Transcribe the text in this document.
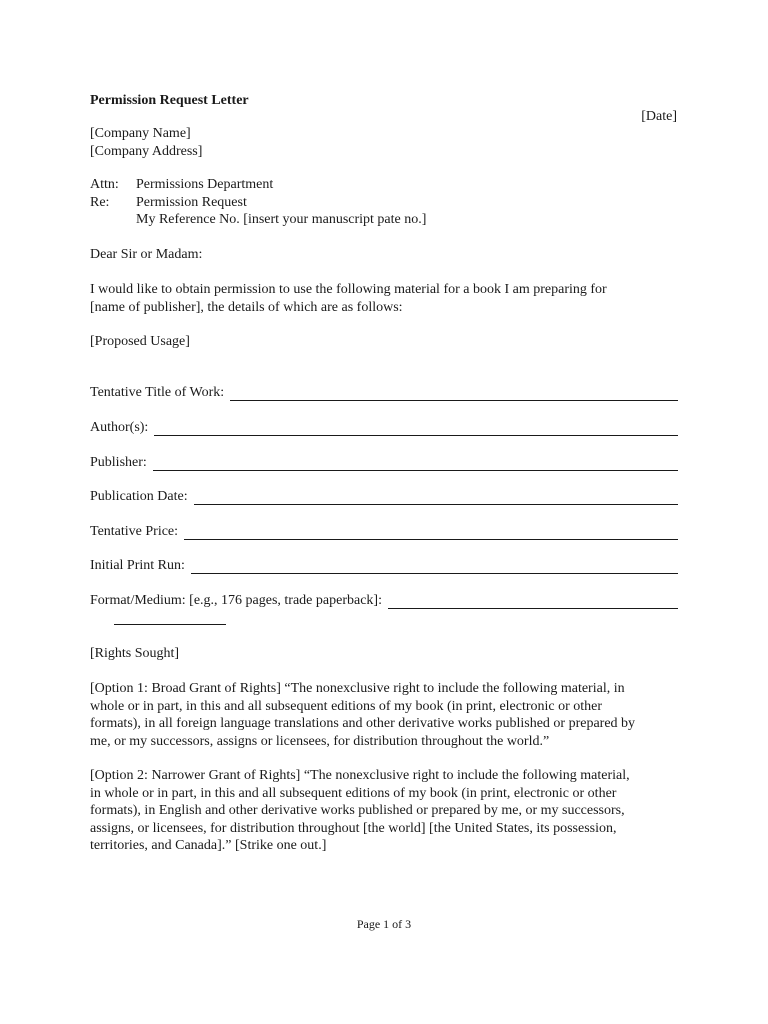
Permission Request Letter
[Date]
[Company Name]
[Company Address]
Attn:	Permissions Department
Re:	Permission Request
My Reference No. [insert your manuscript pate no.]
Dear Sir or Madam:
I would like to obtain permission to use the following material for a book I am preparing for
[name of publisher], the details of which are as follows:
[Proposed Usage]
Tentative Title of Work:
Author(s):
Publisher:
Publication Date:
Tentative Price:
Initial Print Run:
Format/Medium: [e.g., 176 pages, trade paperback]:
[Rights Sought]
[Option 1: Broad Grant of Rights] “The nonexclusive right to include the following material, in
whole or in part, in this and all subsequent editions of my book (in print, electronic or other
formats), in all foreign language translations and other derivative works published or prepared by
me, or my successors, assigns or licensees, for distribution throughout the world.”
[Option 2: Narrower Grant of Rights] “The nonexclusive right to include the following material,
in whole or in part, in this and all subsequent editions of my book (in print, electronic or other
formats), in English and other derivative works published or prepared by me, or my successors,
assigns, or licensees, for distribution throughout [the world] [the United States, its possession,
territories, and Canada].” [Strike one out.]
Page 1 of 3
